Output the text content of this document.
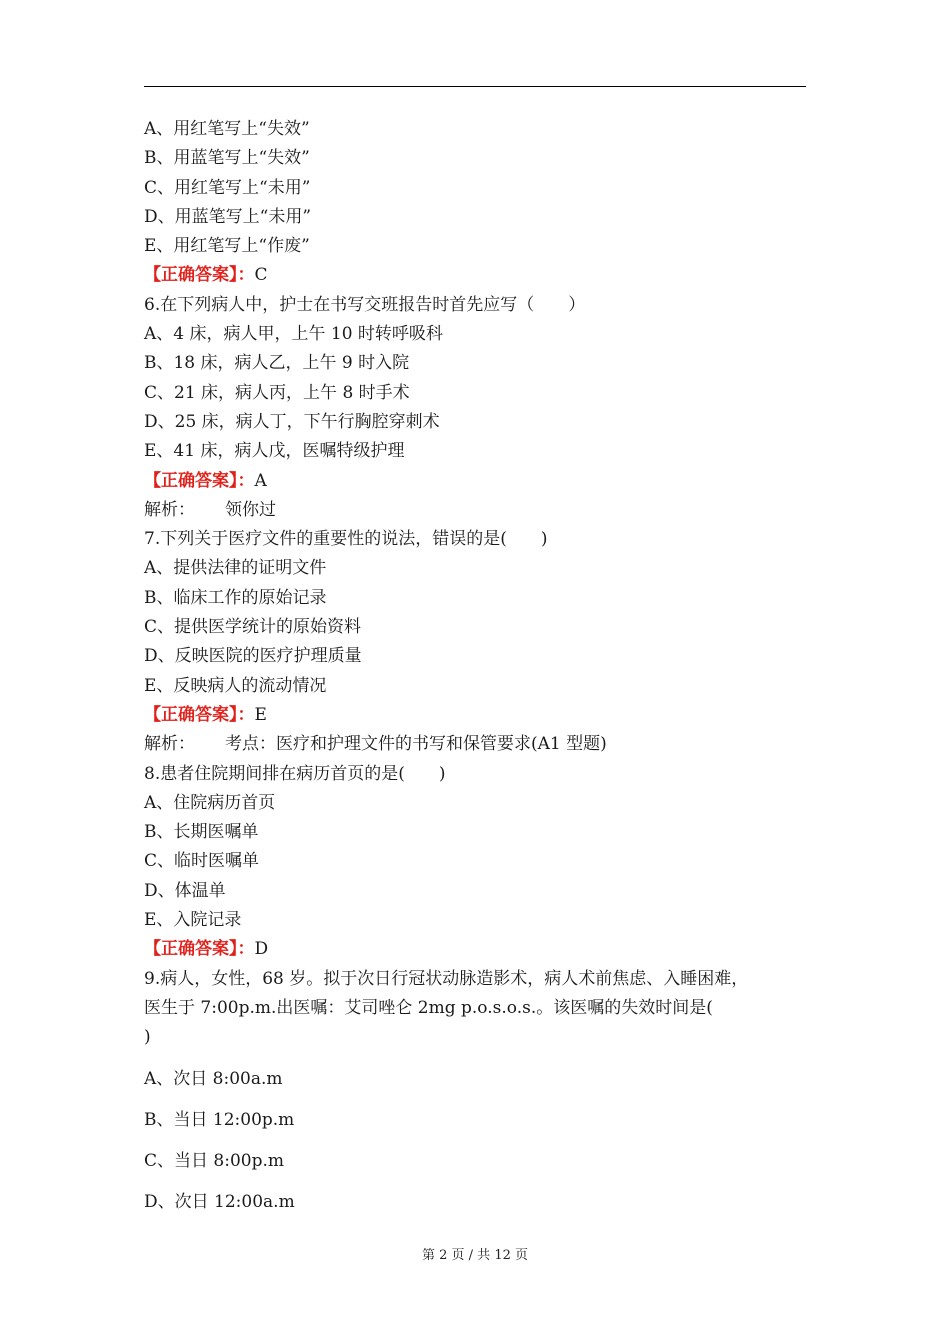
A、用红笔写上“失效”
B、用蓝笔写上“失效”
C、用红笔写上“未用”
D、用蓝笔写上“未用”
E、用红笔写上“作废”
【正确答案】：C
6.在下列病人中，护士在书写交班报告时首先应写（　　）
A、4 床，病人甲，上午 10 时转呼吸科
B、18 床，病人乙，上午 9 时入院
C、21 床，病人丙，上午 8 时手术
D、25 床，病人丁，下午行胸腔穿刺术
E、41 床，病人戊，医嘱特级护理
【正确答案】：A
解析： 领你过
7.下列关于医疗文件的重要性的说法，错误的是(　　)
A、提供法律的证明文件
B、临床工作的原始记录
C、提供医学统计的原始资料
D、反映医院的医疗护理质量
E、反映病人的流动情况
【正确答案】：E
解析： 考点：医疗和护理文件的书写和保管要求(A1 型题)
8.患者住院期间排在病历首页的是(　　)
A、住院病历首页
B、长期医嘱单
C、临时医嘱单
D、体温单
E、入院记录
【正确答案】：D
9.病人，女性，68 岁。拟于次日行冠状动脉造影术，病人术前焦虑、入睡困难，
医生于 7:00p.m.出医嘱：艾司唑仑 2mg p.o.s.o.s.。该医嘱的失效时间是(
)
A、次日 8:00a.m
B、当日 12:00p.m
C、当日 8:00p.m
D、次日 12:00a.m
第 2 页 / 共 12 页
